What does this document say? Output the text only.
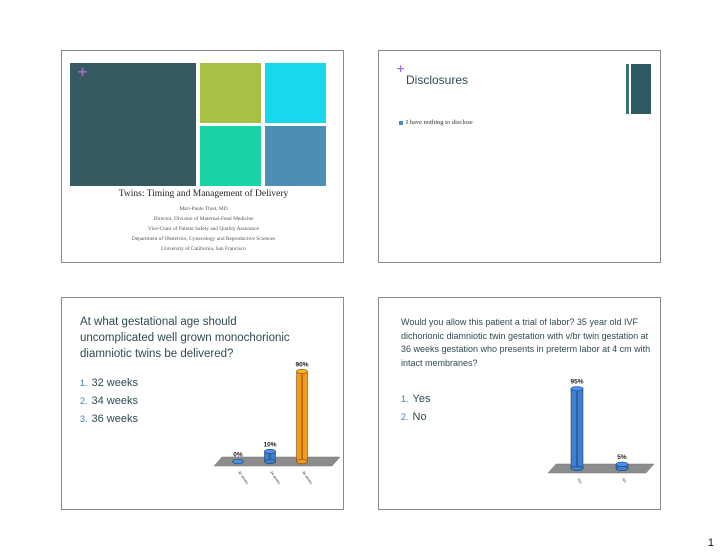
+
Twins: Timing and Management of Delivery
Mari-Paule Thiet, MD
Director, Division of Maternal-Fetal Medicine
Vice-Chair of Patient Safety and Quality Assurance
Department of Obstetrics, Gynecology and Reproductive Sciences
University of California, San Francisco
+
Disclosures
I have nothing to disclose
At what gestational age should uncomplicated well grown monochorionic diamniotic twins be delivered?
1. 32 weeks
2. 34 weeks
3. 36 weeks
0%
32 weeks
10%
34 weeks
90%
36 weeks
Would you allow this patient a trial of labor? 35 year old IVF dichorionic diamniotic twin gestation with v/br twin gestation at 36 weeks gestation who presents in preterm labor at 4 cm with intact membranes?
1. Yes
2. No
95%
Yes
5%
No
1
